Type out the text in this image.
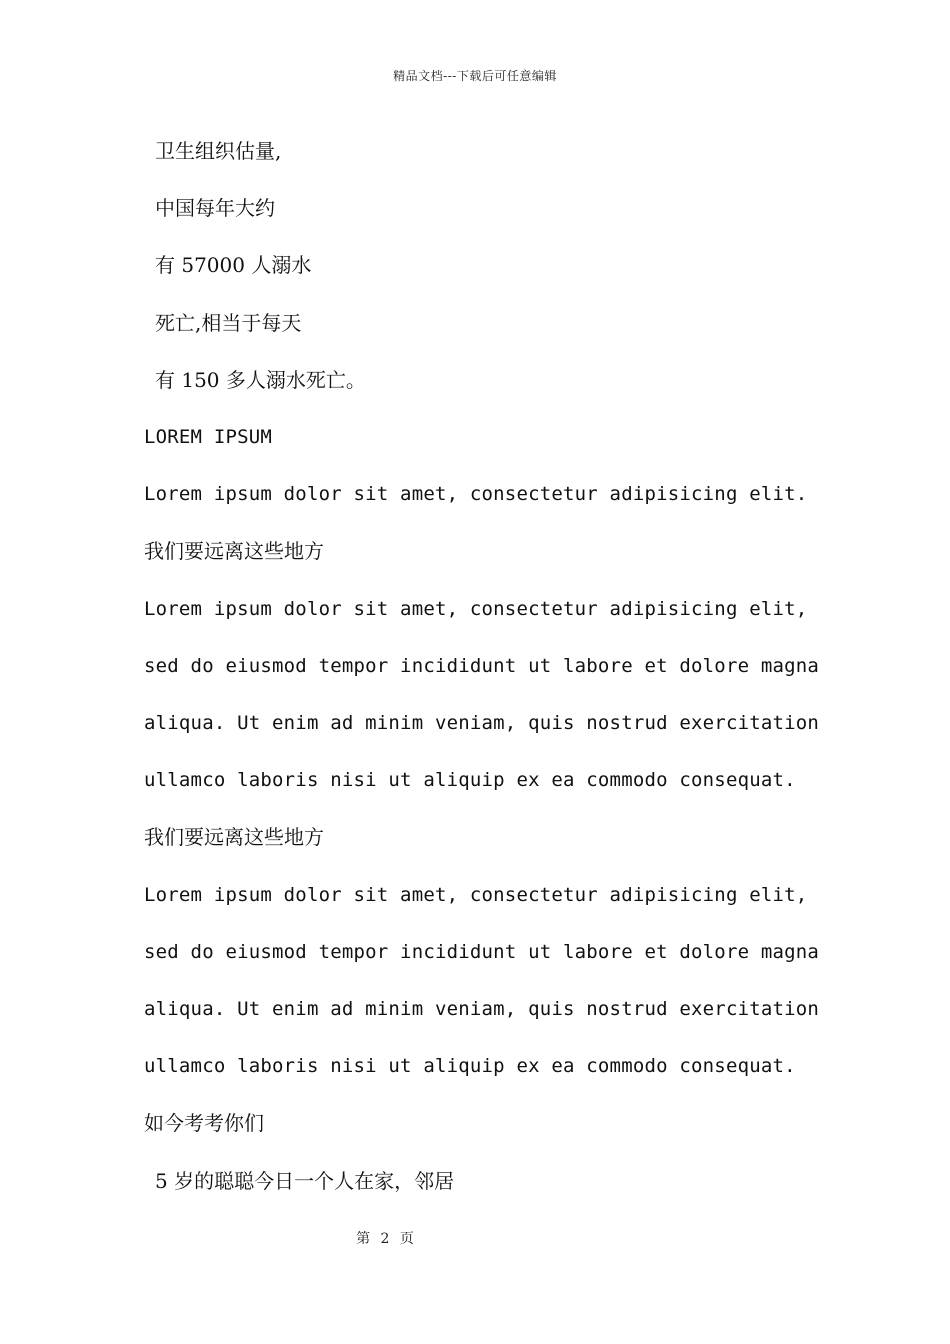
精品文档---下载后可任意编辑
卫生组织估量,
中国每年大约
有 57000 人溺水
死亡,相当于每天
有 150 多人溺水死亡。
LOREM IPSUM
Lorem ipsum dolor sit amet, consectetur adipisicing elit.
我们要远离这些地方
Lorem ipsum dolor sit amet, consectetur adipisicing elit,
sed do eiusmod tempor incididunt ut labore et dolore magna
aliqua. Ut enim ad minim veniam, quis nostrud exercitation
ullamco laboris nisi ut aliquip ex ea commodo consequat.
我们要远离这些地方
Lorem ipsum dolor sit amet, consectetur adipisicing elit,
sed do eiusmod tempor incididunt ut labore et dolore magna
aliqua. Ut enim ad minim veniam, quis nostrud exercitation
ullamco laboris nisi ut aliquip ex ea commodo consequat.
如今考考你们
5 岁的聪聪今日一个人在家，邻居
第 2 页
